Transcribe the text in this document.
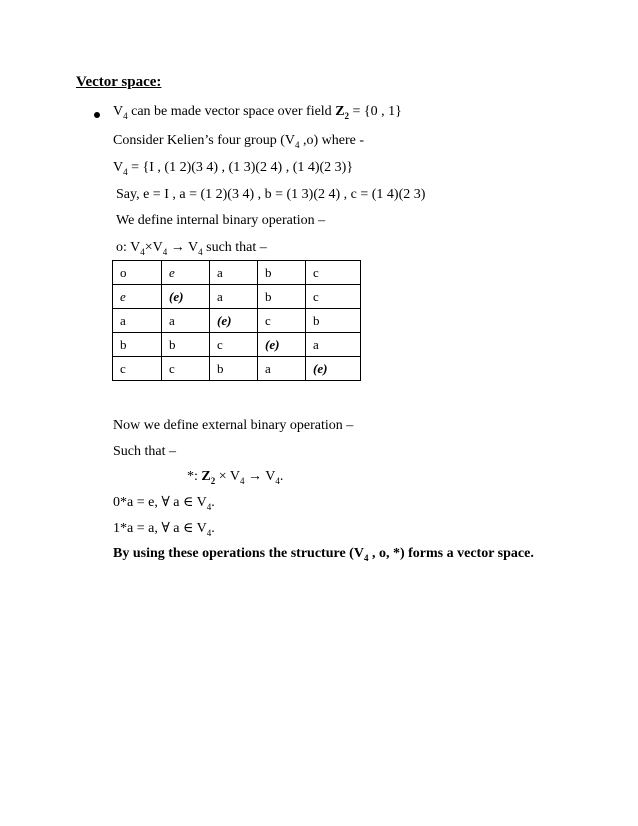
Vector space:
$V_4$ can be made vector space over field $Z_2 = \{0$ , 1}
Consider Kelien’s four group ($V_4$ ,o) where -
$V_4 = \{I$ , (1 2)(3 4) , (1 3)(2 4) , (1 4)(2 3)}
Say, e = I , a = (1 2)(3 4) , b = (1 3)(2 4) , c = (1 4)(2 3)
We define internal binary operation –
o: $V_4\times V_4 \to V_4$ such that –
o	e	a	b	c
e	(e)	a	b	c
a	a	(e)	c	b
b	b	c	(e)	a
c	c	b	a	(e)
Now we define external binary operation –
Such that –
*: $Z_2 \times V_4 \to V_4$.
0*a = e, ∀ a ∈ $V_4$.
1*a = a, ∀ a ∈ $V_4$.
By using these operations the structure ($V_4$ , o, *) forms a vector space.
